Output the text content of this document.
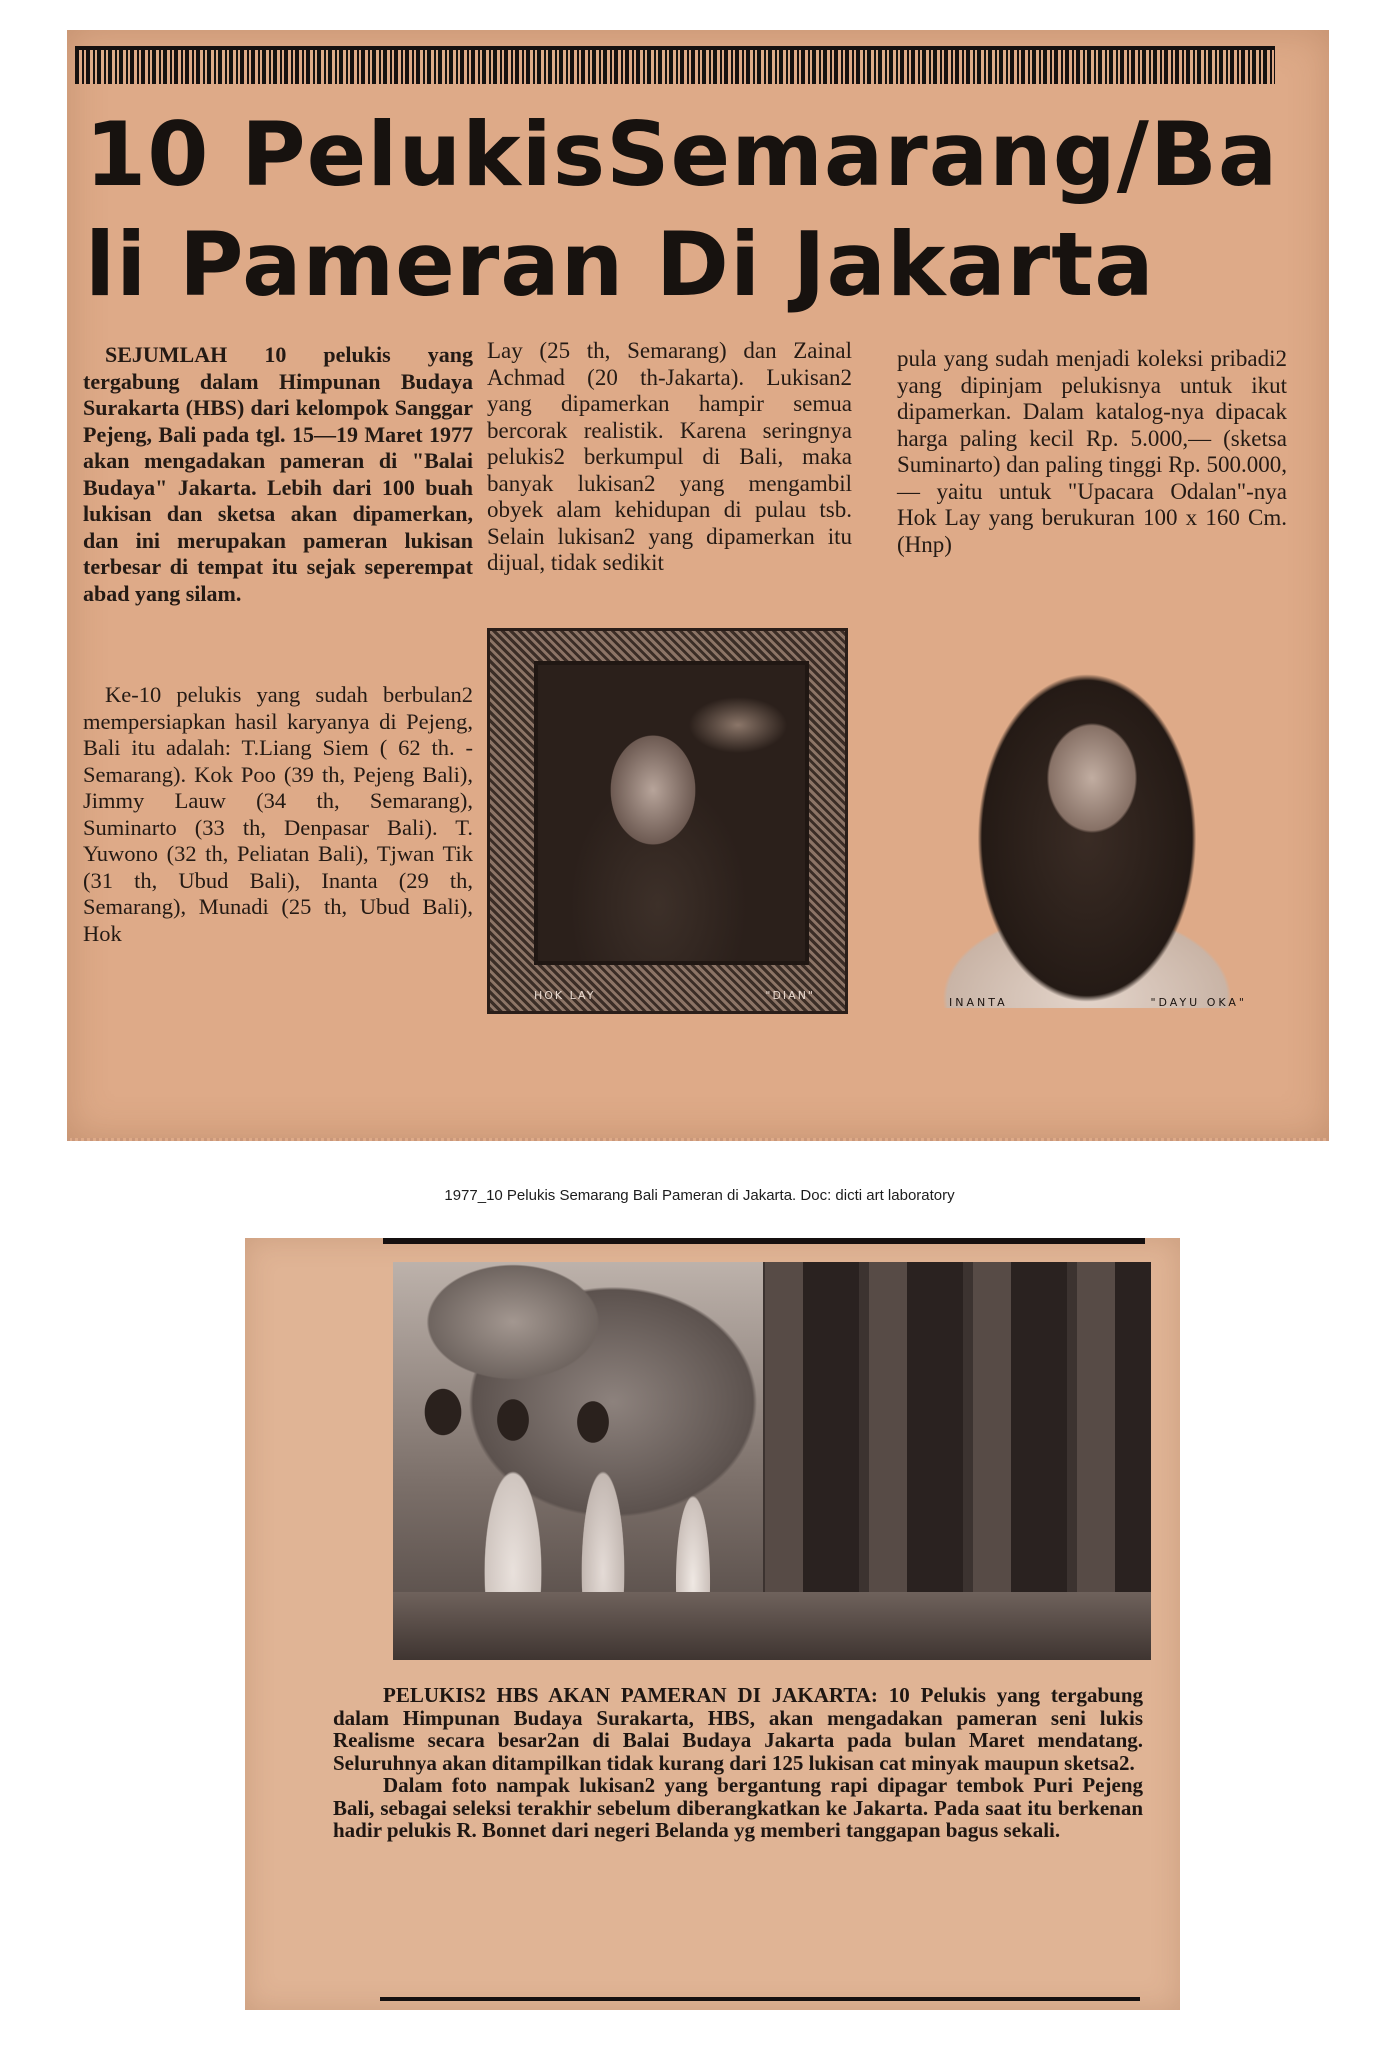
10 PelukisSemarang/Ba
li Pameran Di Jakarta

SEJUMLAH 10 pelukis yang tergabung dalam Himpunan Budaya Surakarta (HBS) dari kelompok Sanggar Pejeng, Bali pada tgl. 15—19 Maret 1977 akan mengadakan pameran di "Balai Budaya" Jakarta. Lebih dari 100 buah lukisan dan sketsa akan dipamerkan, dan ini merupakan pameran lukisan terbesar di tempat itu sejak seperempat abad yang silam.

Ke-10 pelukis yang sudah berbulan2 mempersiapkan hasil karyanya di Pejeng, Bali itu adalah: T.Liang Siem ( 62 th. - Semarang). Kok Poo (39 th, Pejeng Bali), Jimmy Lauw (34 th, Semarang), Suminarto (33 th, Denpasar Bali). T. Yuwono (32 th, Peliatan Bali), Tjwan Tik (31 th, Ubud Bali), Inanta (29 th, Semarang), Munadi (25 th, Ubud Bali), Hok

Lay (25 th, Semarang) dan Zainal Achmad (20 th-Jakarta). Lukisan2 yang dipamerkan hampir semua bercorak realistik. Karena seringnya pelukis2 berkumpul di Bali, maka banyak lukisan2 yang mengambil obyek alam kehidupan di pulau tsb. Selain lukisan2 yang dipamerkan itu dijual, tidak sedikit

pula yang sudah menjadi koleksi pribadi2 yang dipinjam pelukisnya untuk ikut dipamerkan. Dalam katalog-nya dipacak harga paling kecil Rp. 5.000,— (sketsa Suminarto) dan paling tinggi Rp. 500.000,— yaitu untuk "Upacara Odalan"-nya Hok Lay yang berukuran 100 x 160 Cm. (Hnp)

HOK LAY	"DIAN"
INANTA	"DAYU OKA"
1977_10 Pelukis Semarang Bali Pameran di Jakarta. Doc: dicti art laboratory

PELUKIS2 HBS AKAN PAMERAN DI JAKARTA: 10 Pelukis yang tergabung dalam Himpunan Budaya Surakarta, HBS, akan mengadakan pameran seni lukis Realisme secara besar2an di Balai Budaya Jakarta pada bulan Maret mendatang. Seluruhnya akan ditampilkan tidak kurang dari 125 lukisan cat minyak maupun sketsa2.

Dalam foto nampak lukisan2 yang bergantung rapi dipagar tembok Puri Pejeng Bali, sebagai seleksi terakhir sebelum diberangkatkan ke Jakarta. Pada saat itu berkenan hadir pelukis R. Bonnet dari negeri Belanda yg memberi tanggapan bagus sekali.
